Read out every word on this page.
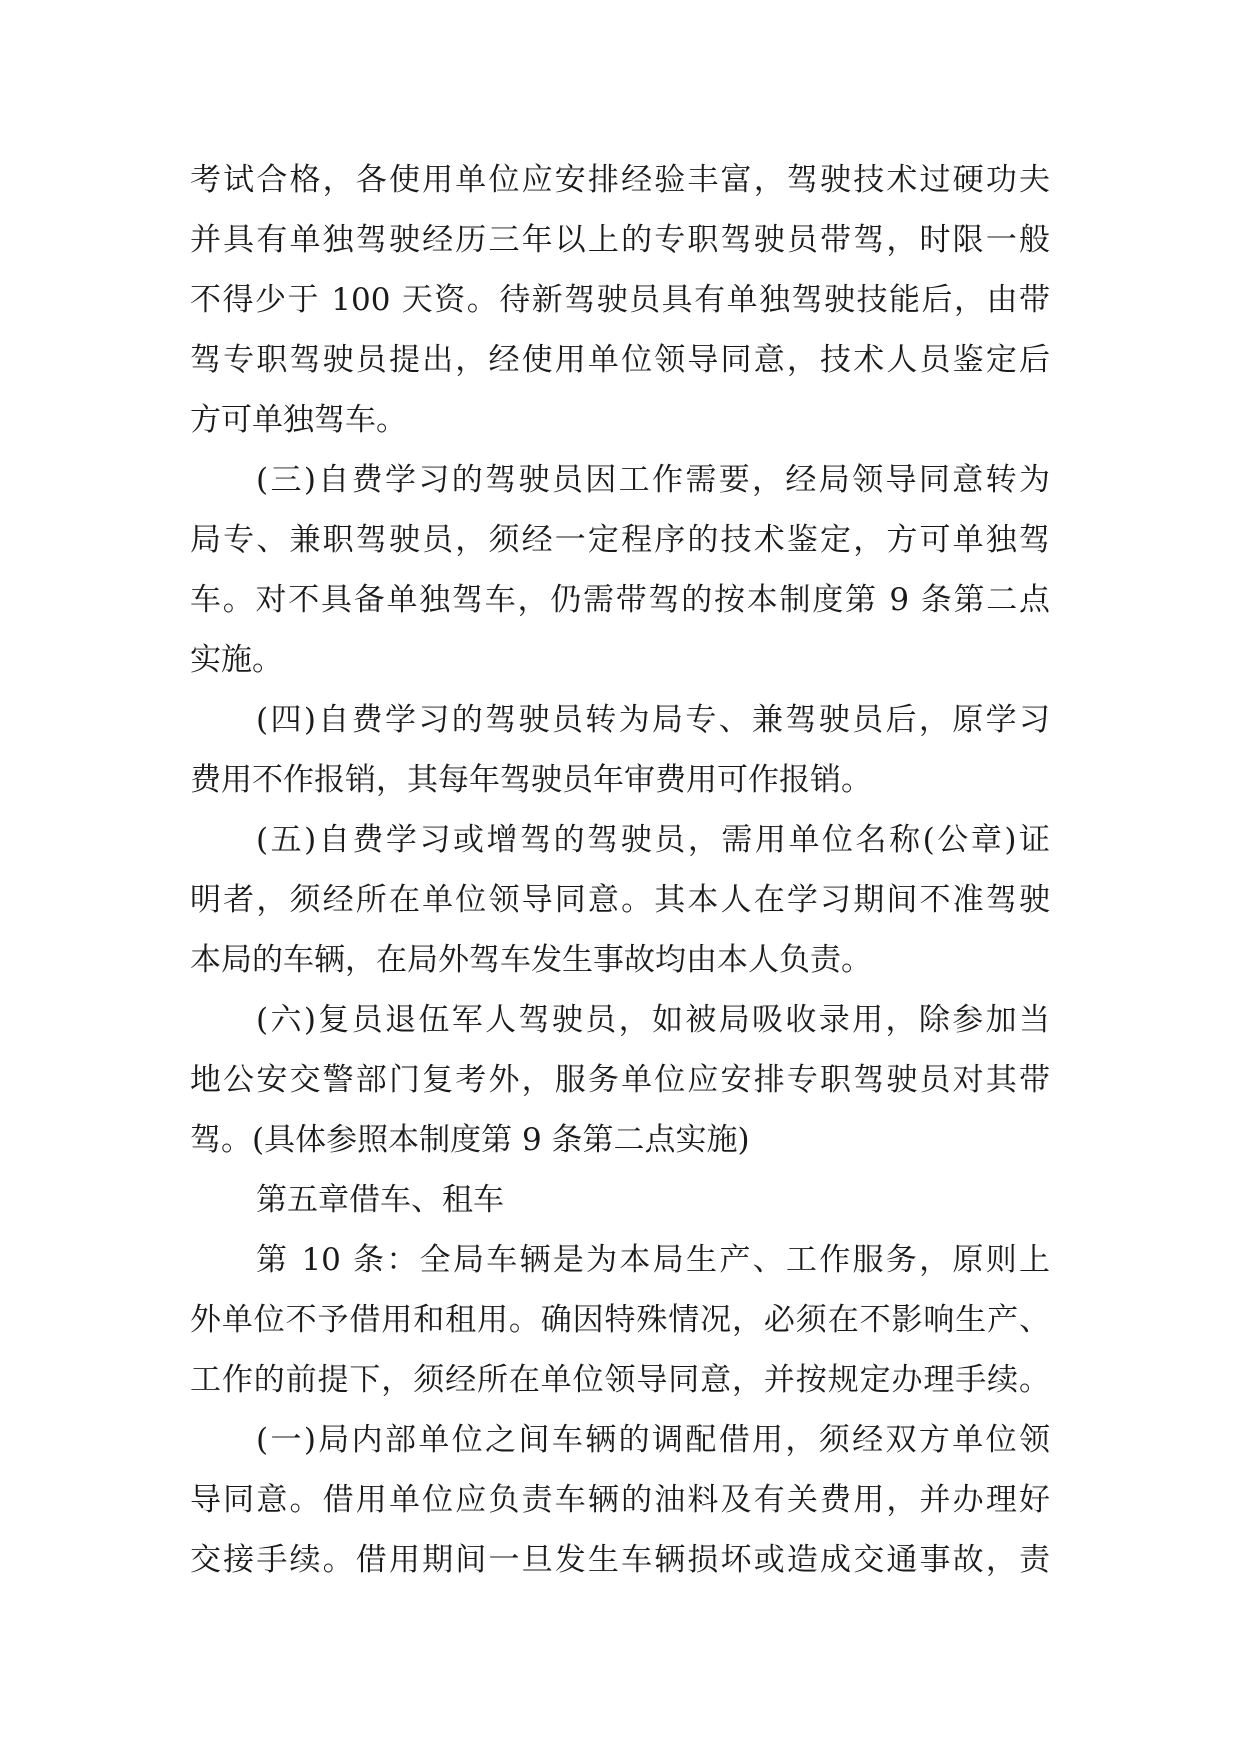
考试合格，各使用单位应安排经验丰富，驾驶技术过硬功夫
并具有单独驾驶经历三年以上的专职驾驶员带驾，时限一般
不得少于 100 天资。待新驾驶员具有单独驾驶技能后，由带
驾专职驾驶员提出，经使用单位领导同意，技术人员鉴定后
方可单独驾车。
(三)自费学习的驾驶员因工作需要，经局领导同意转为
局专、兼职驾驶员，须经一定程序的技术鉴定，方可单独驾
车。对不具备单独驾车，仍需带驾的按本制度第 9 条第二点
实施。
(四)自费学习的驾驶员转为局专、兼驾驶员后，原学习
费用不作报销，其每年驾驶员年审费用可作报销。
(五)自费学习或增驾的驾驶员，需用单位名称(公章)证
明者，须经所在单位领导同意。其本人在学习期间不准驾驶
本局的车辆，在局外驾车发生事故均由本人负责。
(六)复员退伍军人驾驶员，如被局吸收录用，除参加当
地公安交警部门复考外，服务单位应安排专职驾驶员对其带
驾。(具体参照本制度第 9 条第二点实施)
第五章借车、租车
第 10 条：全局车辆是为本局生产、工作服务，原则上
外单位不予借用和租用。确因特殊情况，必须在不影响生产、
工作的前提下，须经所在单位领导同意，并按规定办理手续。
(一)局内部单位之间车辆的调配借用，须经双方单位领
导同意。借用单位应负责车辆的油料及有关费用，并办理好
交接手续。借用期间一旦发生车辆损坏或造成交通事故，责
